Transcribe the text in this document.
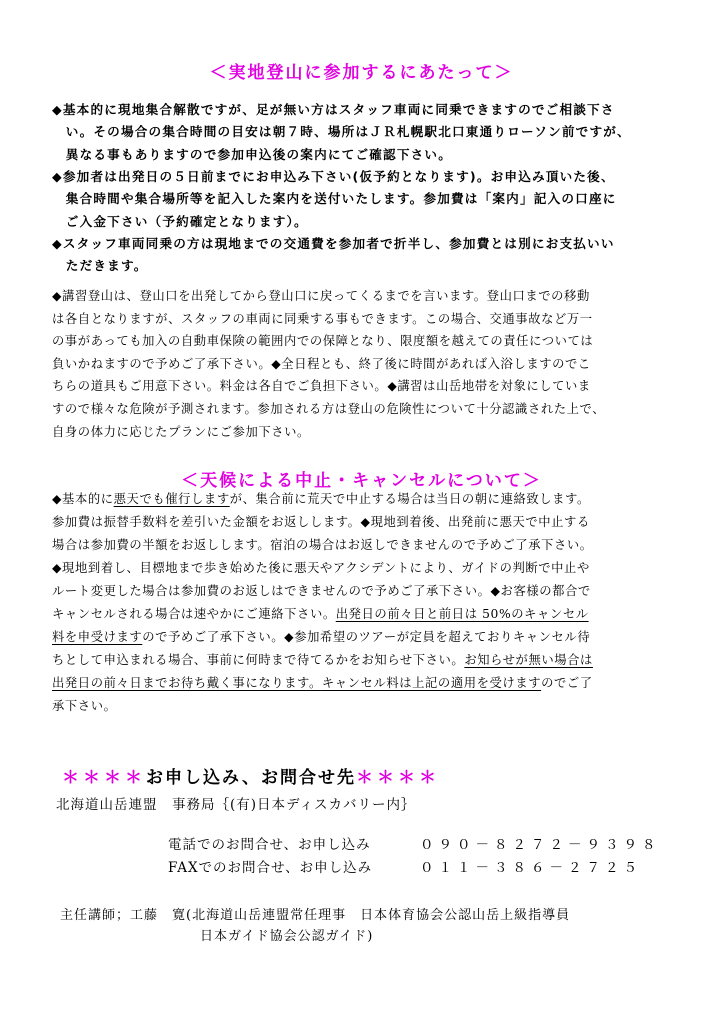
＜実地登山に参加するにあたって＞
◆基本的に現地集合解散ですが、足が無い方はスタッフ車両に同乗できますのでご相談下さ
　い。その場合の集合時間の目安は朝７時、場所はＪＲ札幌駅北口東通りローソン前ですが、
　異なる事もありますので参加申込後の案内にてご確認下さい。
◆参加者は出発日の５日前までにお申込み下さい(仮予約となります)。お申込み頂いた後、
　集合時間や集合場所等を記入した案内を送付いたします。参加費は「案内」記入の口座に
　ご入金下さい（予約確定となります）。
◆スタッフ車両同乗の方は現地までの交通費を参加者で折半し、参加費とは別にお支払いい
　ただきます。
◆講習登山は、登山口を出発してから登山口に戻ってくるまでを言います。登山口までの移動
は各自となりますが、スタッフの車両に同乗する事もできます。この場合、交通事故など万一
の事があっても加入の自動車保険の範囲内での保障となり、限度額を越えての責任については
負いかねますので予めご了承下さい。◆全日程とも、終了後に時間があれば入浴しますのでこ
ちらの道具もご用意下さい。料金は各自でご負担下さい。◆講習は山岳地帯を対象にしていま
すので様々な危険が予測されます。参加される方は登山の危険性について十分認識された上で、
自身の体力に応じたプランにご参加下さい。
＜天候による中止・キャンセルについて＞
◆基本的に悪天でも催行しますが、集合前に荒天で中止する場合は当日の朝に連絡致します。
参加費は振替手数料を差引いた金額をお返しします。◆現地到着後、出発前に悪天で中止する
場合は参加費の半額をお返しします。宿泊の場合はお返しできませんので予めご了承下さい。
◆現地到着し、目標地まで歩き始めた後に悪天やアクシデントにより、ガイドの判断で中止や
ルート変更した場合は参加費のお返しはできませんので予めご了承下さい。◆お客様の都合で
キャンセルされる場合は速やかにご連絡下さい。出発日の前々日と前日は 50%のキャンセル
料を申受けますので予めご了承下さい。◆参加希望のツアーが定員を超えておりキャンセル待
ちとして申込まれる場合、事前に何時まで待てるかをお知らせ下さい。お知らせが無い場合は
出発日の前々日までお待ち戴く事になります。キャンセル料は上記の適用を受けますのでご了
承下さい。
＊＊＊＊お申し込み、お問合せ先＊＊＊＊
北海道山岳連盟　事務局｛(有)日本ディスカバリー内｝
電話でのお問合せ、お申し込み	０９０－８２７２－９３９８
FAXでのお問合せ、お申し込み	０１１－３８６－２７２５
主任講師；工藤　寛(北海道山岳連盟常任理事　日本体育協会公認山岳上級指導員
日本ガイド協会公認ガイド)
